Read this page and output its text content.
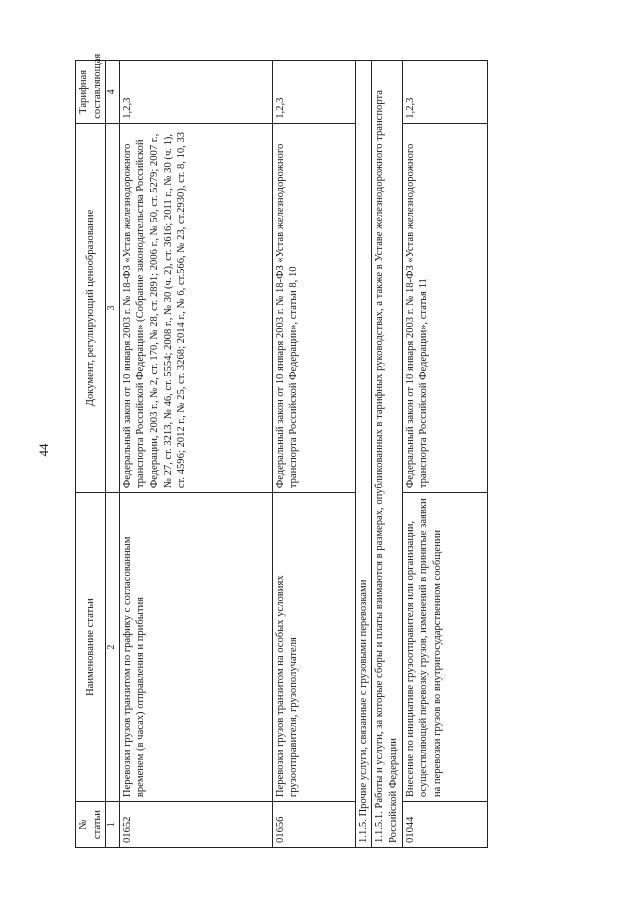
44
№ статьи	Наименование статьи	Документ, регулирующий ценообразование	Тарифная составляющая
1	2	3	4
01652	Перевозки грузов транзитом по графику с согласованным временем (в часах) отправления и прибытия	Федеральный закон от 10 января 2003 г. № 18-ФЗ «Устав железнодорожного транспорта Российской Федерации» (Собрание законодательства Российской Федерации, 2003 г., № 2, ст. 170, № 28, ст. 2891; 2006 г., № 50, ст. 5279; 2007 г., № 27, ст. 3213, № 46, ст. 5554; 2008 г., № 30 (ч. 2), ст. 3616; 2011 г., № 30 (ч. 1), ст. 4596; 2012 г., № 25, ст. 3268; 2014 г., № 6, ст.566, № 23, ст.2930), ст. 8, 10, 33	1,2,3
01656	Перевозки грузов транзитом на особых условиях грузоотправителя, грузополучателя	Федеральный закон от 10 января 2003 г. № 18-ФЗ «Устав железнодорожного транспорта Российской Федерации», статьи 8, 10	1,2,3
1.1.5. Прочие услуги, связанные с грузовыми перевозками			
1.1.5.1. Работы и услуги, за которые сборы и платы взимаются в размерах, опубликованных в тарифных руководствах, а также в Уставе железнодорожного транспорта Российской Федерации			
01044	Внесение по инициативе грузоотправителя или организации, осуществляющей перевозку грузов, изменений в принятые заявки на перевозки грузов во внутригосударственном сообщении	Федеральный закон от 10 января 2003 г. № 18-ФЗ «Устав железнодорожного транспорта Российской Федерации», статья 11	1,2,3
